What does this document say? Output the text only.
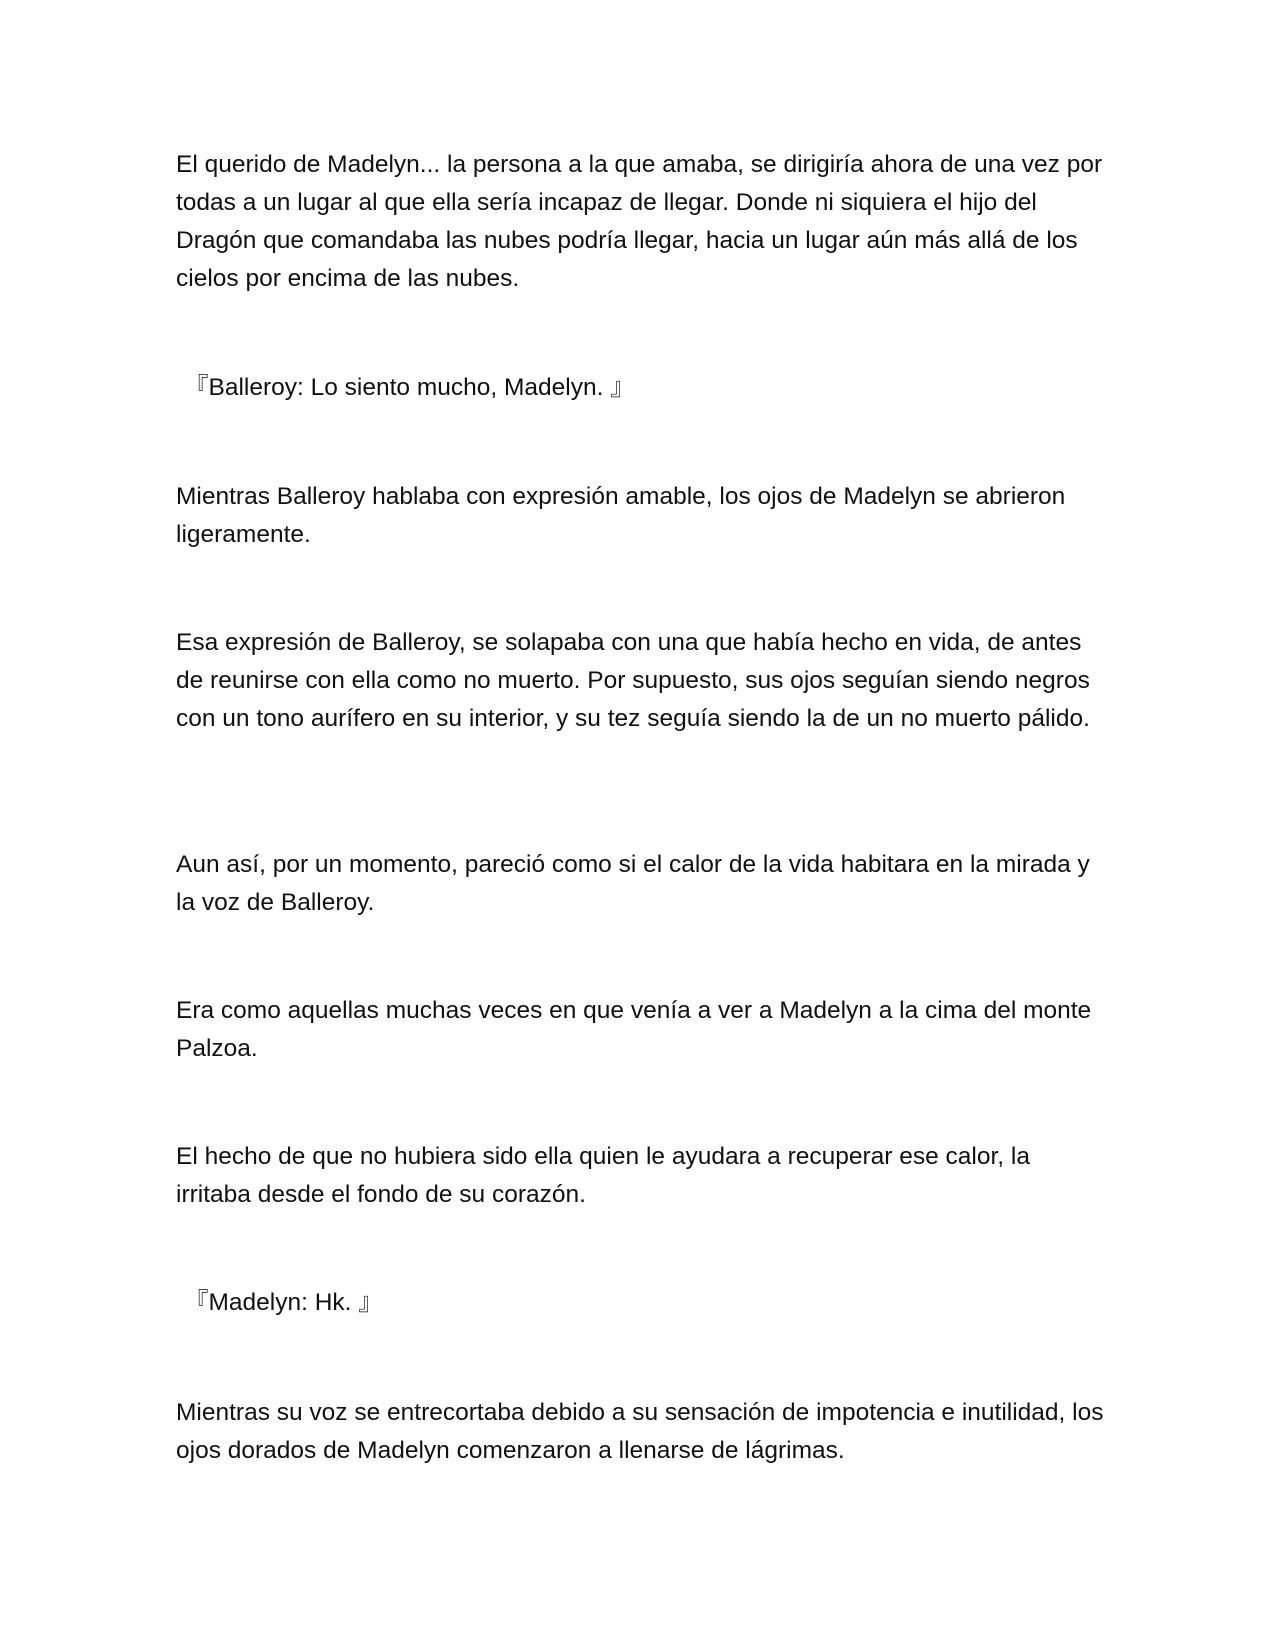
El querido de Madelyn... la persona a la que amaba, se dirigiría ahora de una vez por todas a un lugar al que ella sería incapaz de llegar. Donde ni siquiera el hijo del Dragón que comandaba las nubes podría llegar, hacia un lugar aún más allá de los cielos por encima de las nubes.

『Balleroy: Lo siento mucho, Madelyn. 』

Mientras Balleroy hablaba con expresión amable, los ojos de Madelyn se abrieron ligeramente.

Esa expresión de Balleroy, se solapaba con una que había hecho en vida, de antes de reunirse con ella como no muerto. Por supuesto, sus ojos seguían siendo negros con un tono aurífero en su interior, y su tez seguía siendo la de un no muerto pálido.

Aun así, por un momento, pareció como si el calor de la vida habitara en la mirada y la voz de Balleroy.

Era como aquellas muchas veces en que venía a ver a Madelyn a la cima del monte Palzoa.

El hecho de que no hubiera sido ella quien le ayudara a recuperar ese calor, la irritaba desde el fondo de su corazón.

『Madelyn: Hk. 』

Mientras su voz se entrecortaba debido a su sensación de impotencia e inutilidad, los ojos dorados de Madelyn comenzaron a llenarse de lágrimas.
